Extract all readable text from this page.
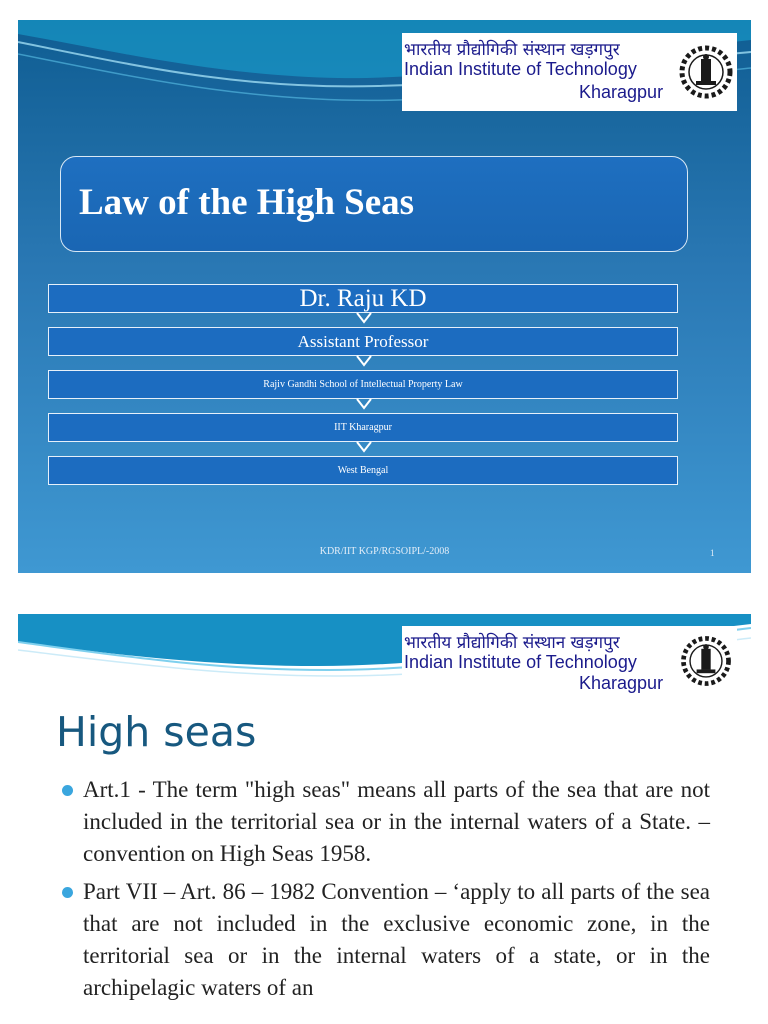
भारतीय प्रौद्योगिकी संस्थान खड़गपुर
Indian Institute of Technology
Kharagpur
Law of the High Seas
Dr. Raju KD
Assistant Professor
Rajiv Gandhi School of Intellectual Property Law
IIT Kharagpur
West Bengal
KDR/IIT KGP/RGSOIPL/-2008	1
भारतीय प्रौद्योगिकी संस्थान खड़गपुर
Indian Institute of Technology
Kharagpur
High seas
Art.1 - The term "high seas" means all parts of the sea that are not included in the territorial sea or in the internal waters of a State. – convention on High Seas 1958.
Part VII – Art. 86 – 1982 Convention – ‘apply to all parts of the sea that are not included in the exclusive economic zone, in the territorial sea or in the internal waters of a state, or in the archipelagic waters of an
